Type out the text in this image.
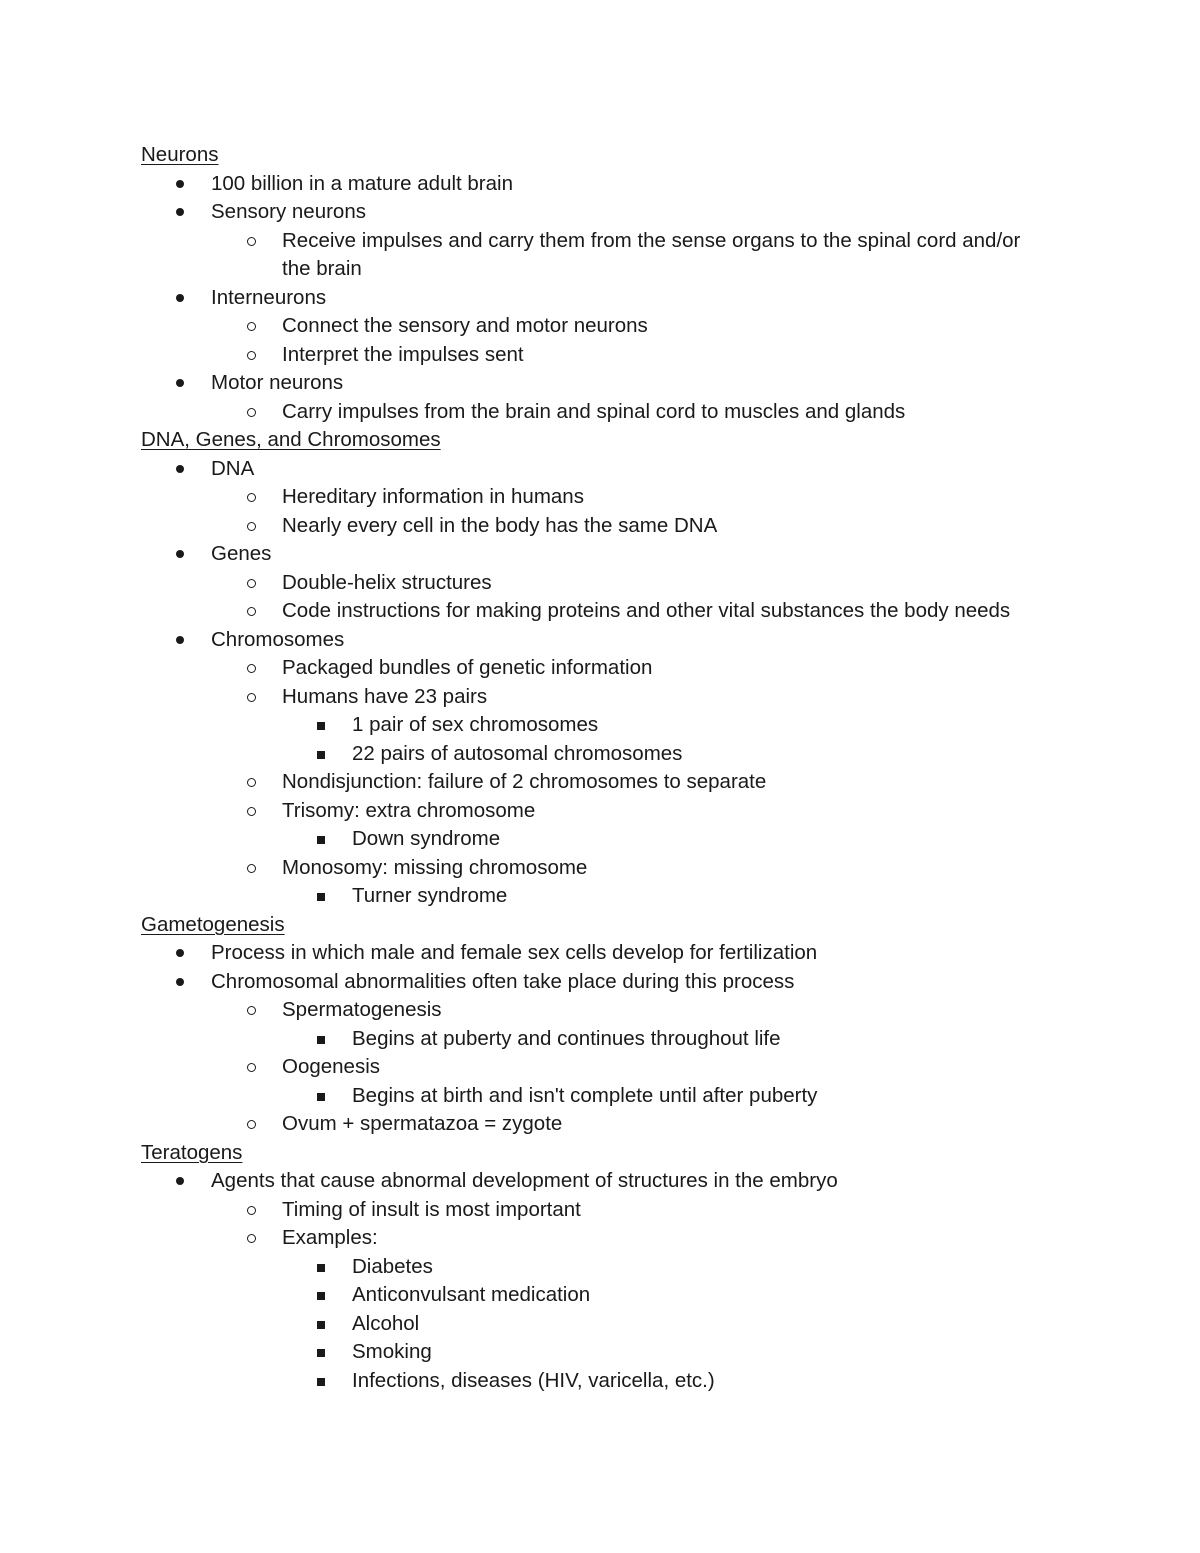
Neurons
100 billion in a mature adult brain
Sensory neurons
Receive impulses and carry them from the sense organs to the spinal cord and/or
the brain
Interneurons
Connect the sensory and motor neurons
Interpret the impulses sent
Motor neurons
Carry impulses from the brain and spinal cord to muscles and glands
DNA, Genes, and Chromosomes
DNA
Hereditary information in humans
Nearly every cell in the body has the same DNA
Genes
Double-helix structures
Code instructions for making proteins and other vital substances the body needs
Chromosomes
Packaged bundles of genetic information
Humans have 23 pairs
1 pair of sex chromosomes
22 pairs of autosomal chromosomes
Nondisjunction: failure of 2 chromosomes to separate
Trisomy: extra chromosome
Down syndrome
Monosomy: missing chromosome
Turner syndrome
Gametogenesis
Process in which male and female sex cells develop for fertilization
Chromosomal abnormalities often take place during this process
Spermatogenesis
Begins at puberty and continues throughout life
Oogenesis
Begins at birth and isn't complete until after puberty
Ovum + spermatazoa = zygote
Teratogens
Agents that cause abnormal development of structures in the embryo
Timing of insult is most important
Examples:
Diabetes
Anticonvulsant medication
Alcohol
Smoking
Infections, diseases (HIV, varicella, etc.)
